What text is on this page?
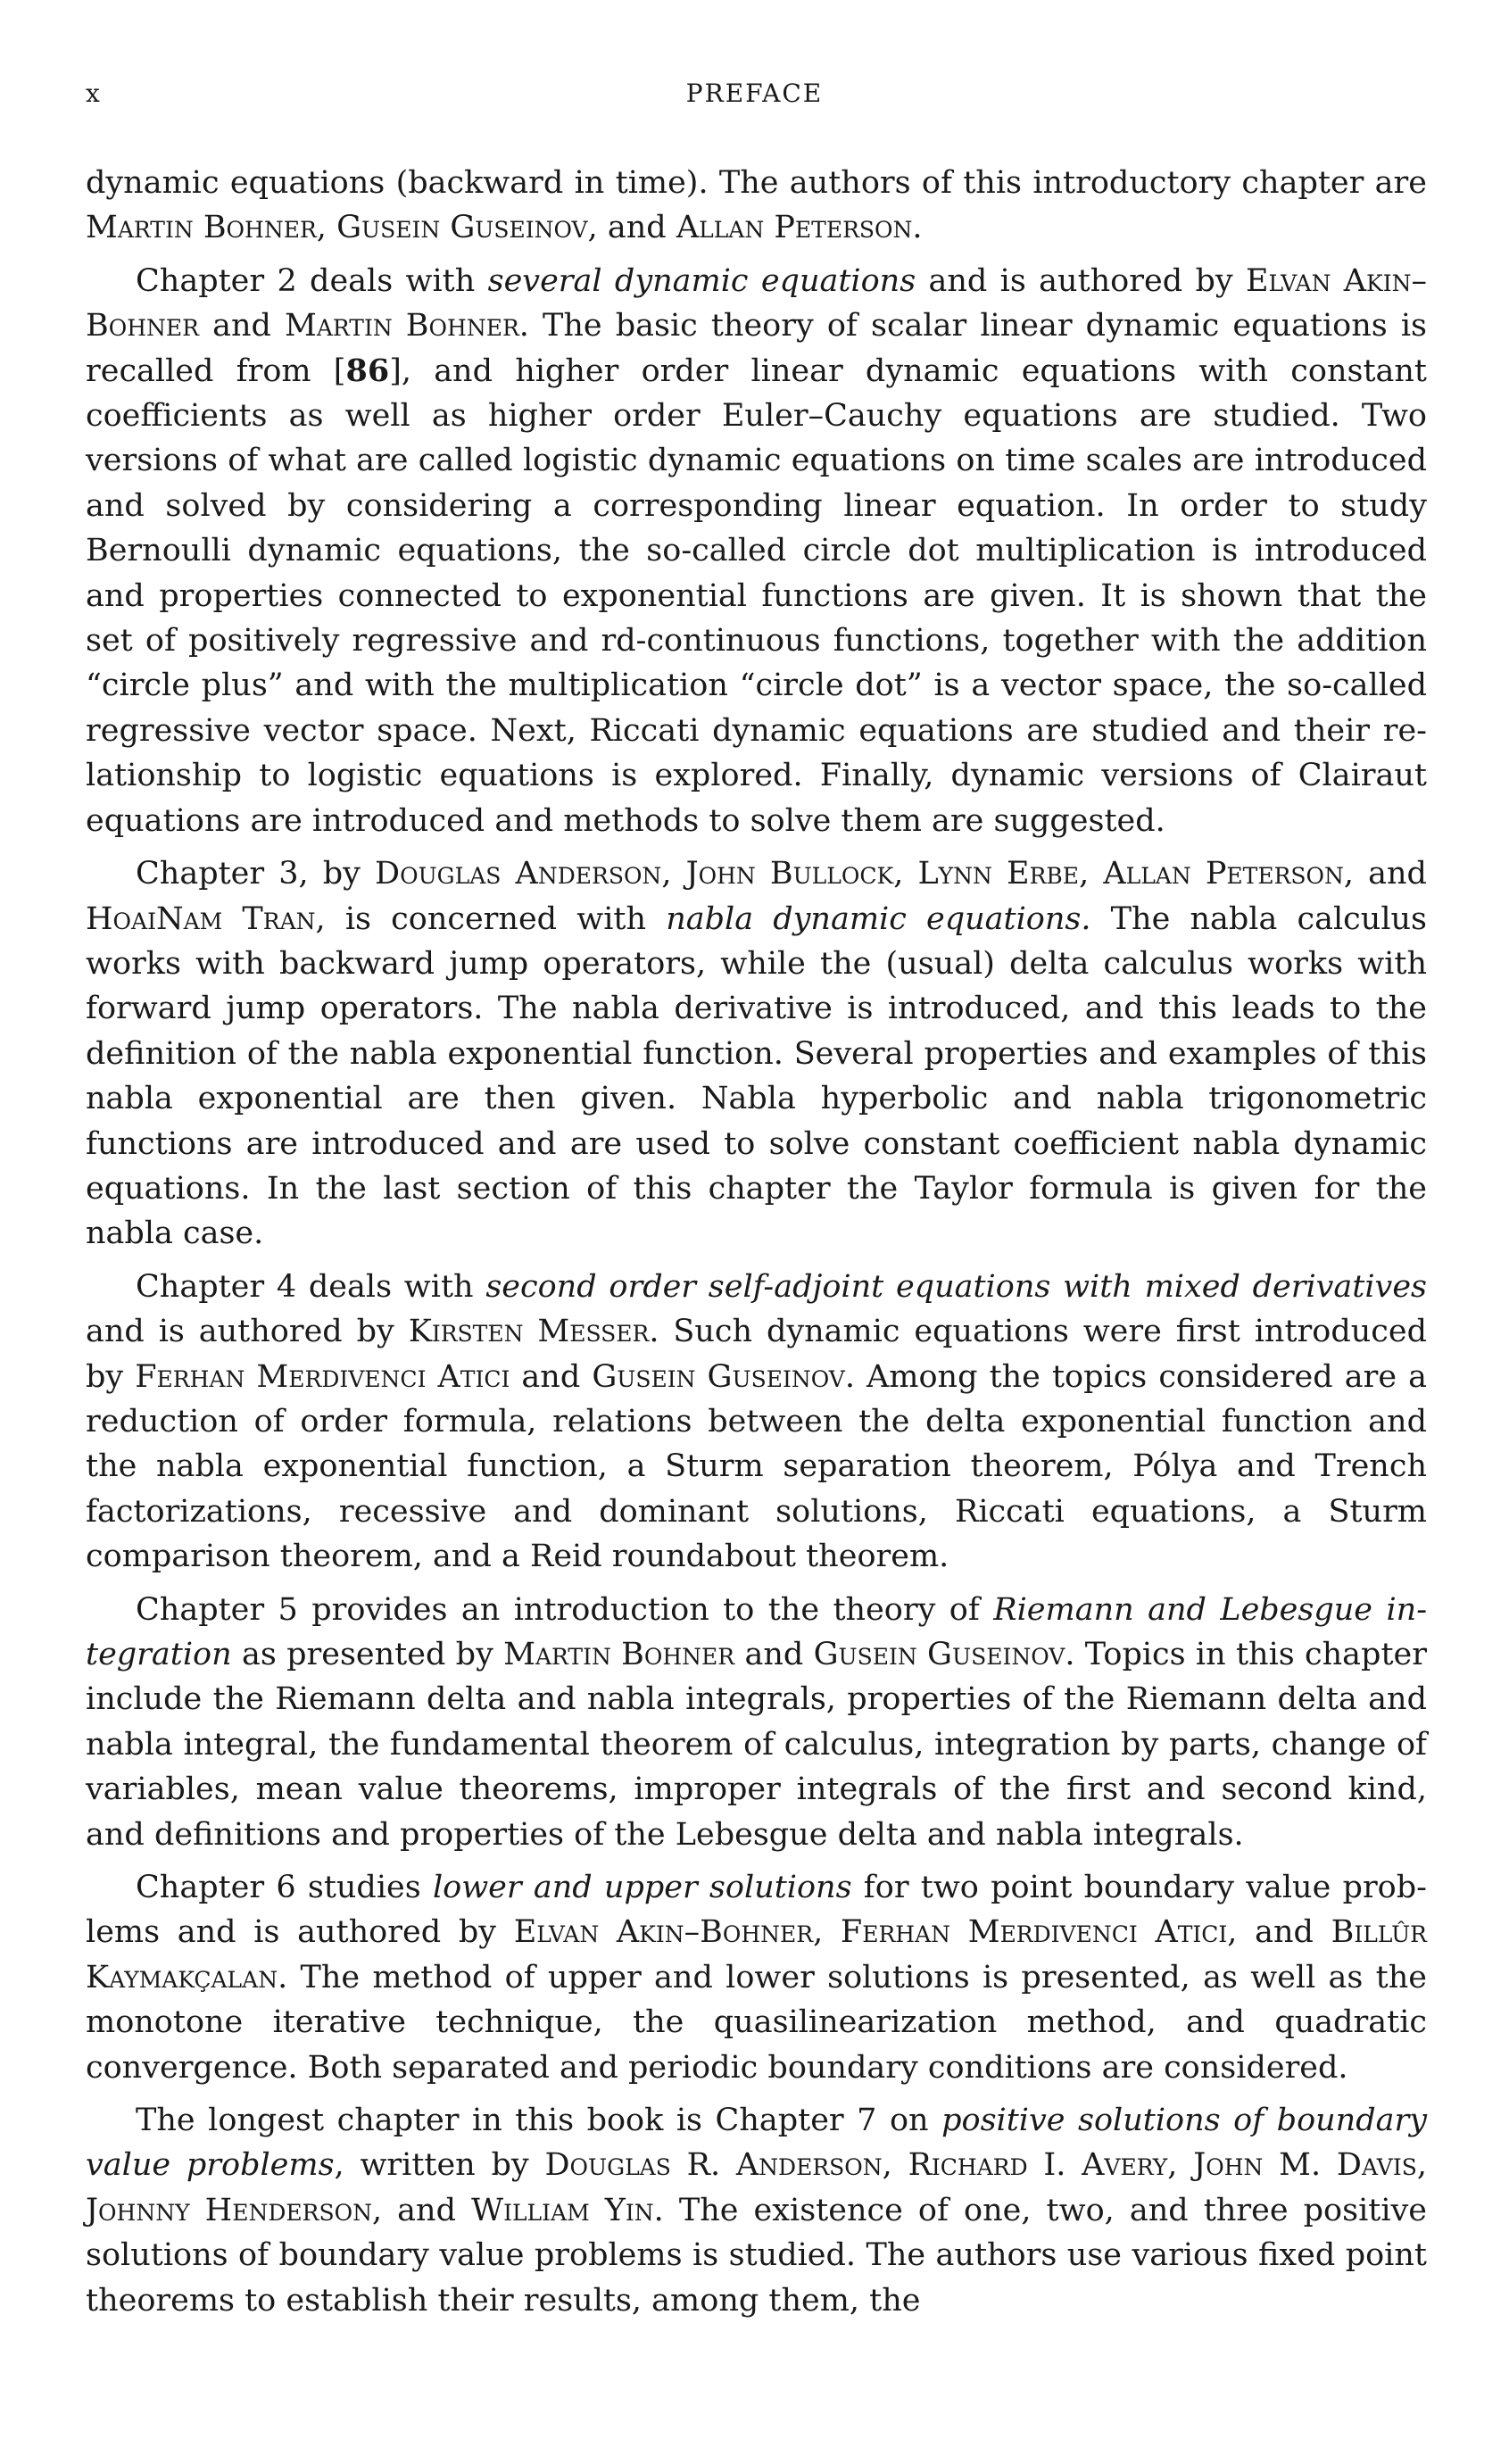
x	PREFACE

dynamic equations (backward in time). The authors of this introductory chapter are Martin Bohner, Gusein Guseinov, and Allan Peterson.

Chapter 2 deals with several dynamic equations and is authored by Elvan Akin–Bohner and Martin Bohner. The basic theory of scalar linear dynamic equations is recalled from [86], and higher order linear dynamic equations with constant coefficients as well as higher order Euler–Cauchy equations are studied. Two versions of what are called logistic dynamic equations on time scales are introduced and solved by considering a corresponding linear equation. In order to study Bernoulli dynamic equations, the so-called circle dot multiplication is introduced and properties connected to exponential functions are given. It is shown that the set of positively regressive and rd-continuous functions, together with the addition “circle plus” and with the multiplication “circle dot” is a vector space, the so-called regressive vector space. Next, Riccati dynamic equations are studied and their relationship to logistic equations is explored. Finally, dynamic versions of Clairaut equations are introduced and methods to solve them are suggested.

Chapter 3, by Douglas Anderson, John Bullock, Lynn Erbe, Allan Peterson, and HoaiNam Tran, is concerned with nabla dynamic equations. The nabla calculus works with backward jump operators, while the (usual) delta calculus works with forward jump operators. The nabla derivative is introduced, and this leads to the definition of the nabla exponential function. Several properties and examples of this nabla exponential are then given. Nabla hyperbolic and nabla trigonometric functions are introduced and are used to solve constant coefficient nabla dynamic equations. In the last section of this chapter the Taylor formula is given for the nabla case.

Chapter 4 deals with second order self-adjoint equations with mixed derivatives and is authored by Kirsten Messer. Such dynamic equations were first introduced by Ferhan Merdivenci Atici and Gusein Guseinov. Among the topics considered are a reduction of order formula, relations between the delta exponential function and the nabla exponential function, a Sturm separation theorem, Pólya and Trench factorizations, recessive and dominant solutions, Riccati equations, a Sturm comparison theorem, and a Reid roundabout theorem.

Chapter 5 provides an introduction to the theory of Riemann and Lebesgue integration as presented by Martin Bohner and Gusein Guseinov. Topics in this chapter include the Riemann delta and nabla integrals, properties of the Riemann delta and nabla integral, the fundamental theorem of calculus, integration by parts, change of variables, mean value theorems, improper integrals of the first and second kind, and definitions and properties of the Lebesgue delta and nabla integrals.

Chapter 6 studies lower and upper solutions for two point boundary value problems and is authored by Elvan Akin–Bohner, Ferhan Merdivenci Atici, and Billûr Kaymakçalan. The method of upper and lower solutions is presented, as well as the monotone iterative technique, the quasilinearization method, and quadratic convergence. Both separated and periodic boundary conditions are considered.

The longest chapter in this book is Chapter 7 on positive solutions of boundary value problems, written by Douglas R. Anderson, Richard I. Avery, John M. Davis, Johnny Henderson, and William Yin. The existence of one, two, and three positive solutions of boundary value problems is studied. The authors use various fixed point theorems to establish their results, among them, the
